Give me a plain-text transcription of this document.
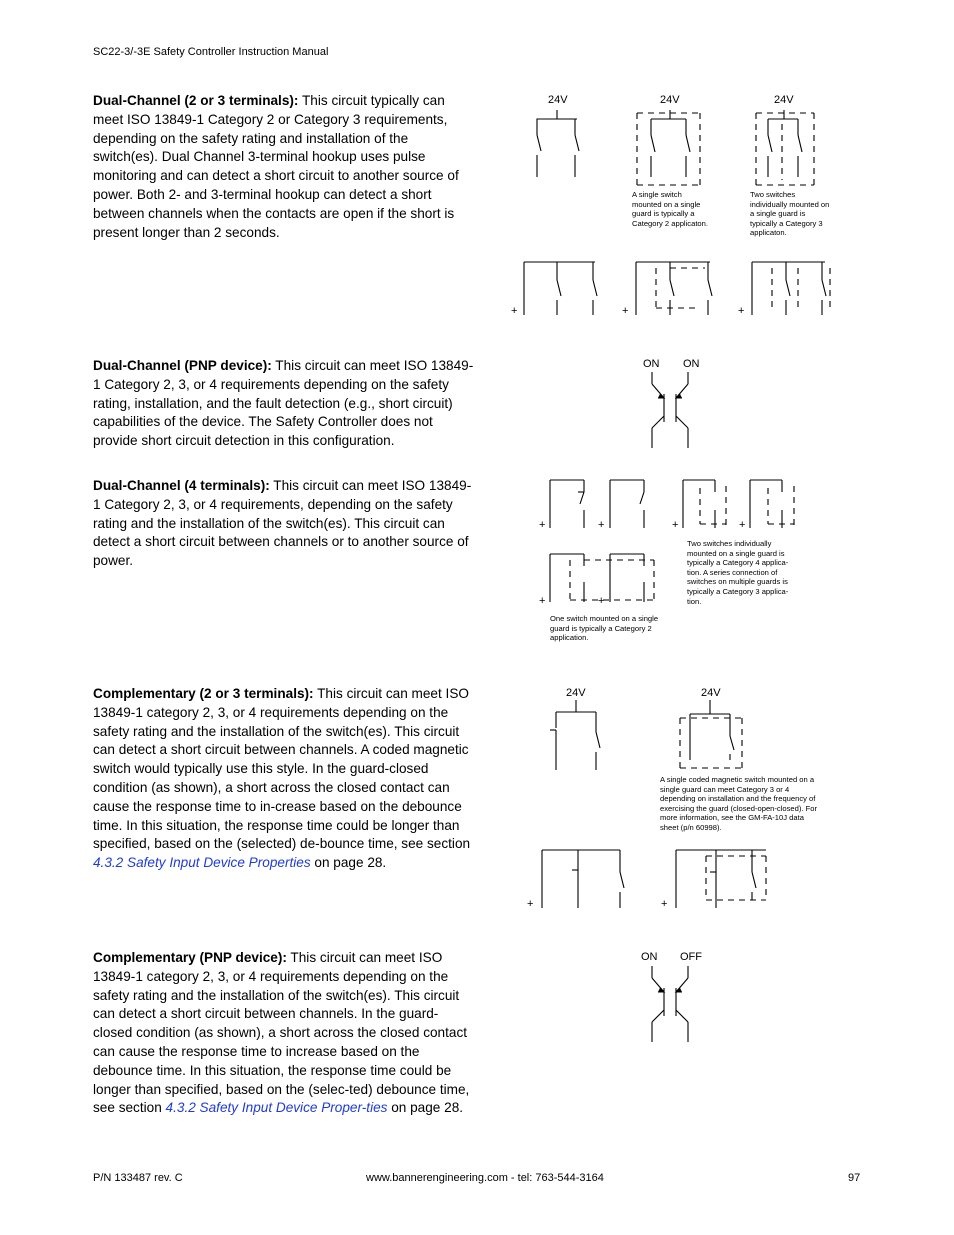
SC22-3/-3E Safety Controller Instruction Manual

Dual-Channel (2 or 3 terminals): This circuit typically can meet ISO 13849-1 Category 2 or Category 3 requirements, depending on the safety rating and installation of the switch(es). Dual Channel 3-terminal hookup uses pulse monitoring and can detect a short circuit to another source of power. Both 2- and 3-terminal hookup can detect a short between channels when the contacts are open if the short is present longer than 2 seconds.

Dual-Channel (PNP device): This circuit can meet ISO 13849-1 Category 2, 3, or 4 requirements depending on the safety rating, installation, and the fault detection (e.g., short circuit) capabilities of the device. The Safety Controller does not provide short circuit detection in this configuration.

Dual-Channel (4 terminals): This circuit can meet ISO 13849-1 Category 2, 3, or 4 requirements, depending on the safety rating and the installation of the switch(es). This circuit can detect a short circuit between channels or to another source of power.

Complementary (2 or 3 terminals): This circuit can meet ISO 13849-1 category 2, 3, or 4 requirements depending on the safety rating and the installation of the switch(es). This circuit can detect a short circuit between channels. A coded magnetic switch would typically use this style. In the guard-closed condition (as shown), a short across the closed contact can cause the response time to in-crease based on the debounce time. In this situation, the response time could be longer than specified, based on the (selected) de-bounce time, see section 4.3.2 Safety Input Device Properties on page 28.

Complementary (PNP device): This circuit can meet ISO 13849-1 category 2, 3, or 4 requirements depending on the safety rating and the installation of the switch(es). This circuit can detect a short circuit between channels. In the guard-closed condition (as shown), a short across the closed contact can cause the response time to increase based on the debounce time. In this situation, the response time could be longer than specified, based on the (selec-ted) debounce time, see section 4.3.2 Safety Input Device Proper-ties on page 28.

24V	24V	24V
+	+	+

A single switch mounted on a single guard is typically a Category 2 applicaton.

Two switches individually mounted on a single guard is typically a Category 3 applicaton.

ON ON
+	+	+	+
+	+

Two switches individually mounted on a single guard is typically a Category 4 applica-tion. A series connection of switches on multiple guards is typically a Category 3 applica-tion.

One switch mounted on a single guard is typically a Category 2 application.

24V	24V

A single coded magnetic switch mounted on a single guard can meet Category 3 or 4 depending on installation and the frequency of exercising the guard (closed-open-closed). For more information, see the GM-FA-10J data sheet (p/n 60998).

+	+
ON OFF
P/N 133487 rev. C	www.bannerengineering.com - tel: 763-544-3164	97
